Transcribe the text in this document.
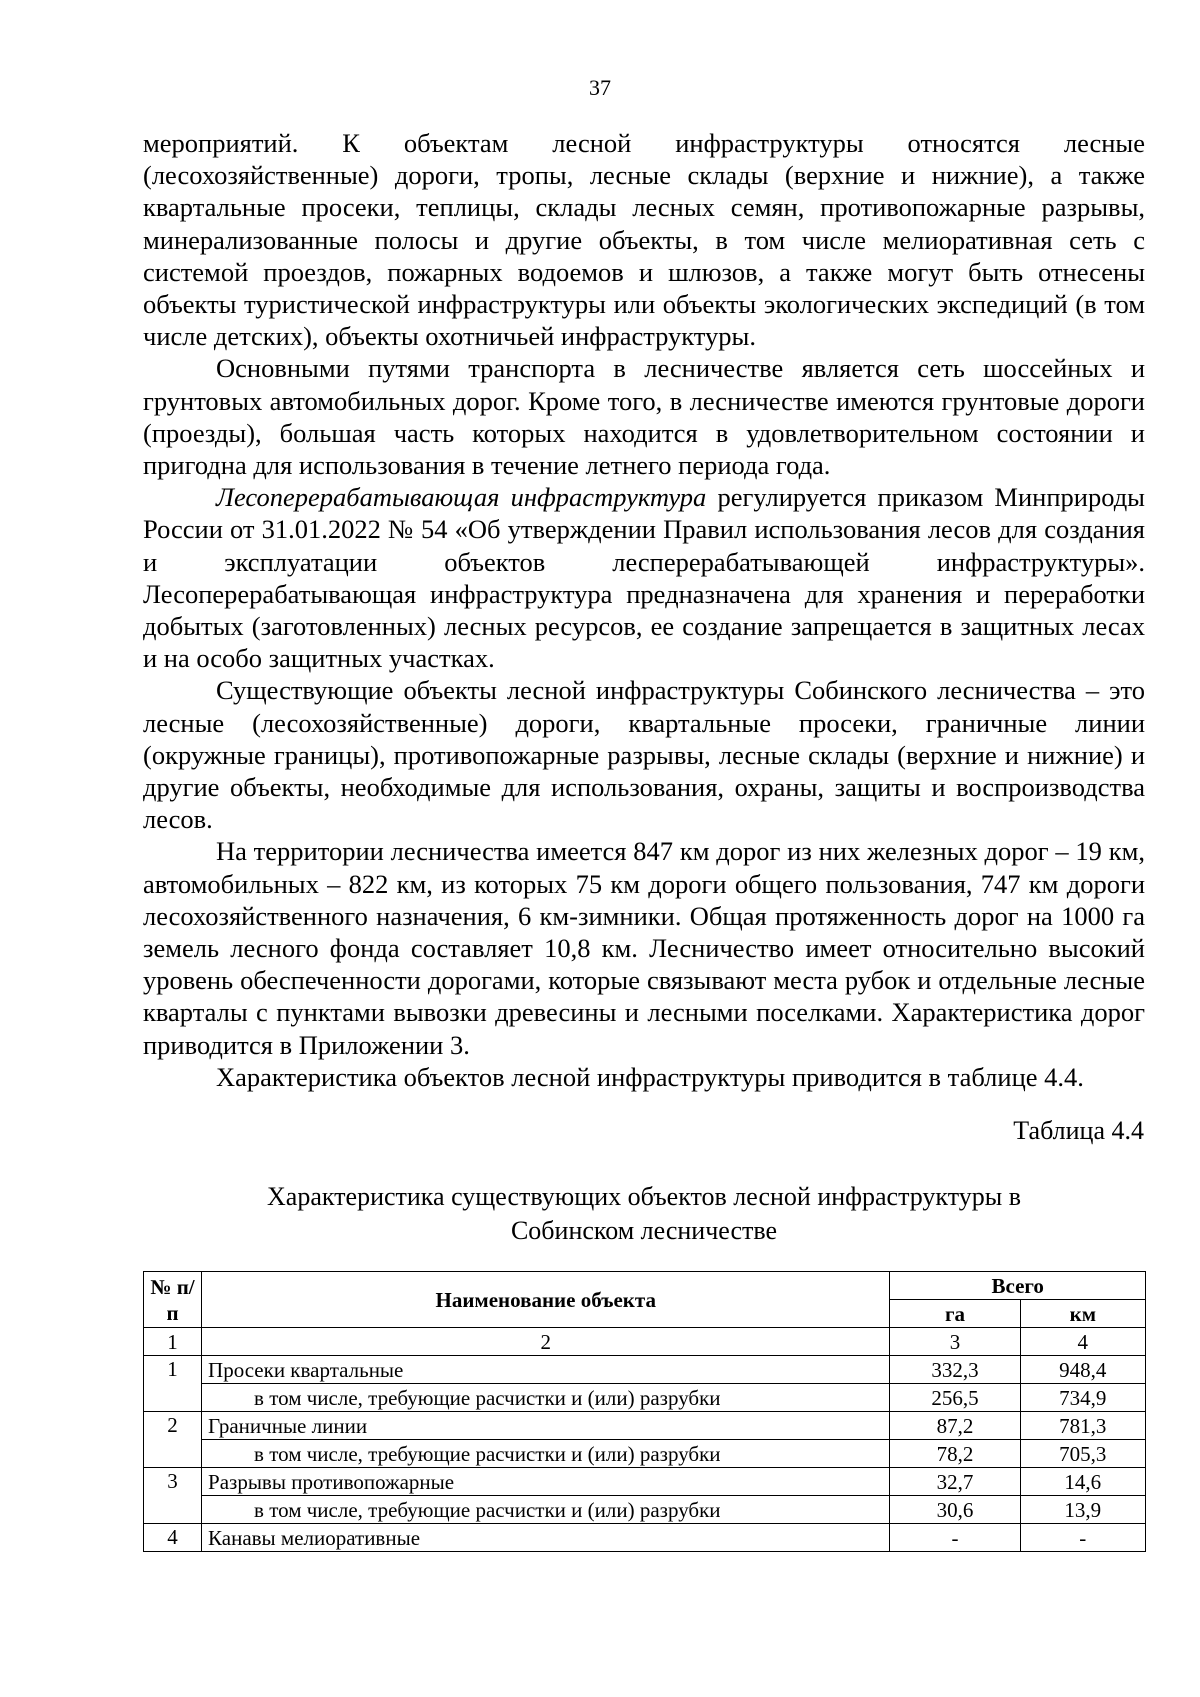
37

мероприятий. К объектам лесной инфраструктуры относятся лесные (лесохозяйственные) дороги, тропы, лесные склады (верхние и нижние), а также квартальные просеки, теплицы, склады лесных семян, противопожарные разрывы, минерализованные полосы и другие объекты, в том числе мелиоративная сеть с системой проездов, пожарных водоемов и шлюзов, а также могут быть отнесены объекты туристической инфраструктуры или объекты экологических экспедиций (в том числе детских), объекты охотничьей инфраструктуры.

Основными путями транспорта в лесничестве является сеть шоссейных и грунтовых автомобильных дорог. Кроме того, в лесничестве имеются грунтовые дороги (проезды), большая часть которых находится в удовлетворительном состоянии и пригодна для использования в течение летнего периода года.

Лесоперерабатывающая инфраструктура регулируется приказом Минприроды России от 31.01.2022 № 54 «Об утверждении Правил использования лесов для создания и эксплуатации объектов лесперерабатывающей инфраструктуры». Лесоперерабатывающая инфраструктура предназначена для хранения и переработки добытых (заготовленных) лесных ресурсов, ее создание запрещается в защитных лесах и на особо защитных участках.

Существующие объекты лесной инфраструктуры Собинского лесничества – это лесные (лесохозяйственные) дороги, квартальные просеки, граничные линии (окружные границы), противопожарные разрывы, лесные склады (верхние и нижние) и другие объекты, необходимые для использования, охраны, защиты и воспроизводства лесов.

На территории лесничества имеется 847 км дорог из них железных дорог – 19 км, автомобильных – 822 км, из которых 75 км дороги общего пользования, 747 км дороги лесохозяйственного назначения, 6 км-зимники. Общая протяженность дорог на 1000 га земель лесного фонда составляет 10,8 км. Лесничество имеет относительно высокий уровень обеспеченности дорогами, которые связывают места рубок и отдельные лесные кварталы с пунктами вывозки древесины и лесными поселками. Характеристика дорог приводится в Приложении 3.

Характеристика объектов лесной инфраструктуры приводится в таблице 4.4.

Таблица 4.4
Характеристика существующих объектов лесной инфраструктуры в
Собинском лесничестве
№ п/п	Наименование объекта	Всего	
		га	км
1	2	3	4
1	Просеки квартальные	332,3	948,4
	в том числе, требующие расчистки и (или) разрубки	256,5	734,9
2	Граничные линии	87,2	781,3
	в том числе, требующие расчистки и (или) разрубки	78,2	705,3
3	Разрывы противопожарные	32,7	14,6
	в том числе, требующие расчистки и (или) разрубки	30,6	13,9
4	Канавы мелиоративные	-	-
